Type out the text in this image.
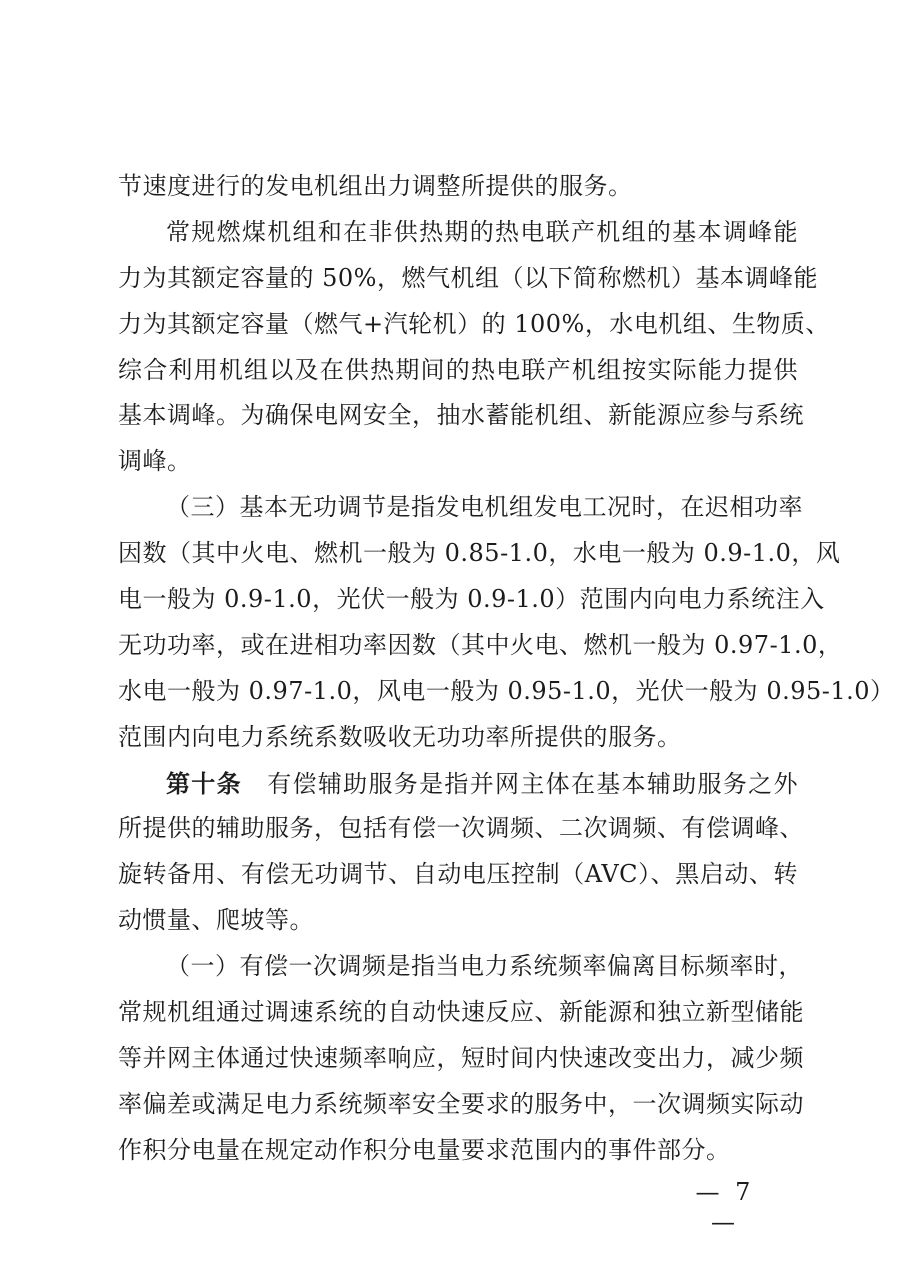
节速度进行的发电机组出力调整所提供的服务。
常规燃煤机组和在非供热期的热电联产机组的基本调峰能
力为其额定容量的 50%，燃气机组（以下简称燃机）基本调峰能
力为其额定容量（燃气+汽轮机）的 100%，水电机组、生物质、
综合利用机组以及在供热期间的热电联产机组按实际能力提供
基本调峰。为确保电网安全，抽水蓄能机组、新能源应参与系统
调峰。
（三）基本无功调节是指发电机组发电工况时，在迟相功率
因数（其中火电、燃机一般为 0.85-1.0，水电一般为 0.9-1.0，风
电一般为 0.9-1.0，光伏一般为 0.9-1.0）范围内向电力系统注入
无功功率，或在进相功率因数（其中火电、燃机一般为 0.97-1.0，
水电一般为 0.97-1.0，风电一般为 0.95-1.0，光伏一般为 0.95-1.0）
范围内向电力系统系数吸收无功功率所提供的服务。
第十条　 有偿辅助服务是指并网主体在基本辅助服务之外
所提供的辅助服务，包括有偿一次调频、二次调频、有偿调峰、
旋转备用、有偿无功调节、自动电压控制（AVC）、黑启动、转
动惯量、爬坡等。
（一）有偿一次调频是指当电力系统频率偏离目标频率时，
常规机组通过调速系统的自动快速反应、新能源和独立新型储能
等并网主体通过快速频率响应，短时间内快速改变出力，减少频
率偏差或满足电力系统频率安全要求的服务中，一次调频实际动
作积分电量在规定动作积分电量要求范围内的事件部分。
— 7 —
